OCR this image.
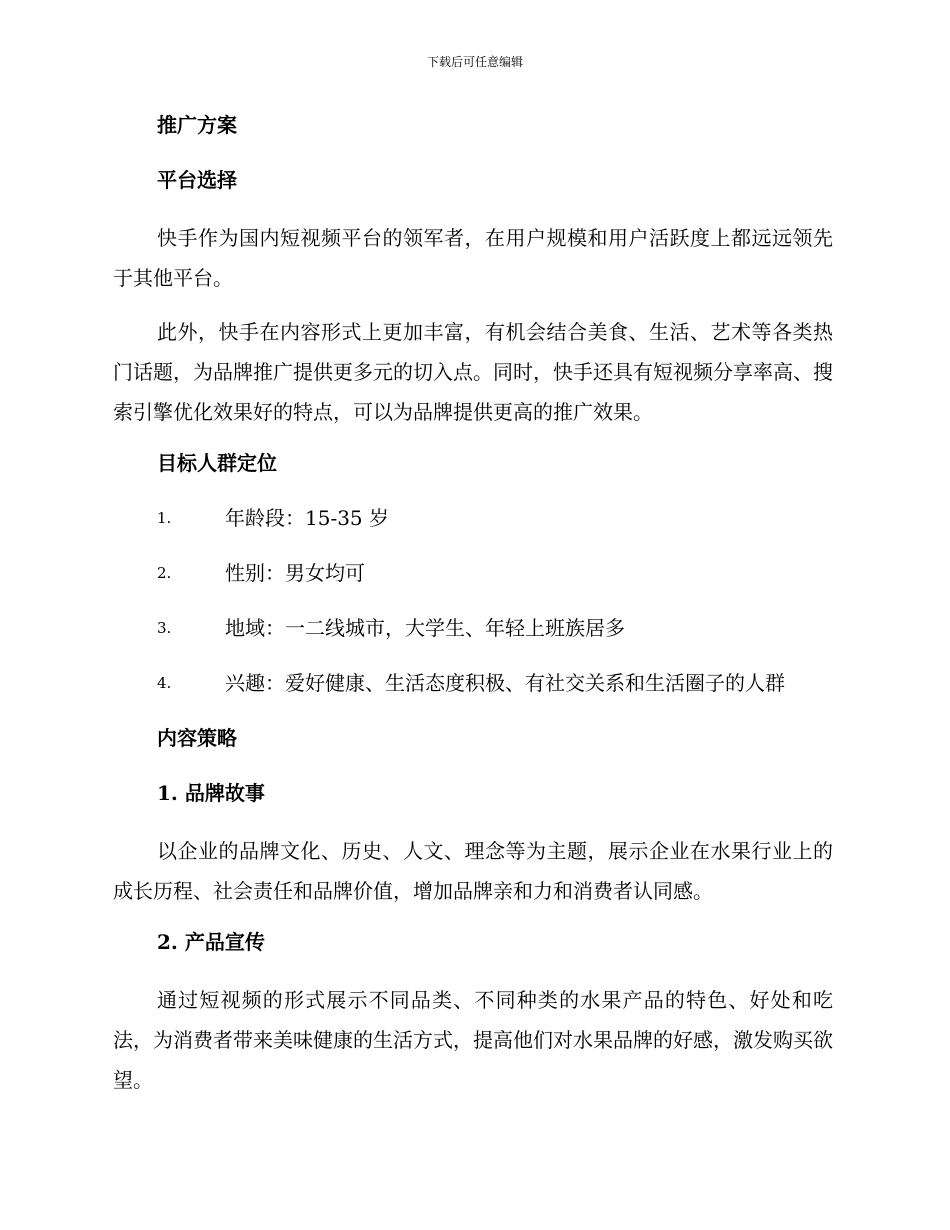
下载后可任意编辑
推广方案
平台选择
快手作为国内短视频平台的领军者，在用户规模和用户活跃度上都远远领先于其他平台。
此外，快手在内容形式上更加丰富，有机会结合美食、生活、艺术等各类热门话题，为品牌推广提供更多元的切入点。同时，快手还具有短视频分享率高、搜索引擎优化效果好的特点，可以为品牌提供更高的推广效果。
目标人群定位
1.	年龄段：15-35 岁
2.	性别：男女均可
3.	地域：一二线城市，大学生、年轻上班族居多
4.	兴趣：爱好健康、生活态度积极、有社交关系和生活圈子的人群
内容策略
1. 品牌故事
以企业的品牌文化、历史、人文、理念等为主题，展示企业在水果行业上的成长历程、社会责任和品牌价值，增加品牌亲和力和消费者认同感。
2. 产品宣传
通过短视频的形式展示不同品类、不同种类的水果产品的特色、好处和吃法，为消费者带来美味健康的生活方式，提高他们对水果品牌的好感，激发购买欲望。
